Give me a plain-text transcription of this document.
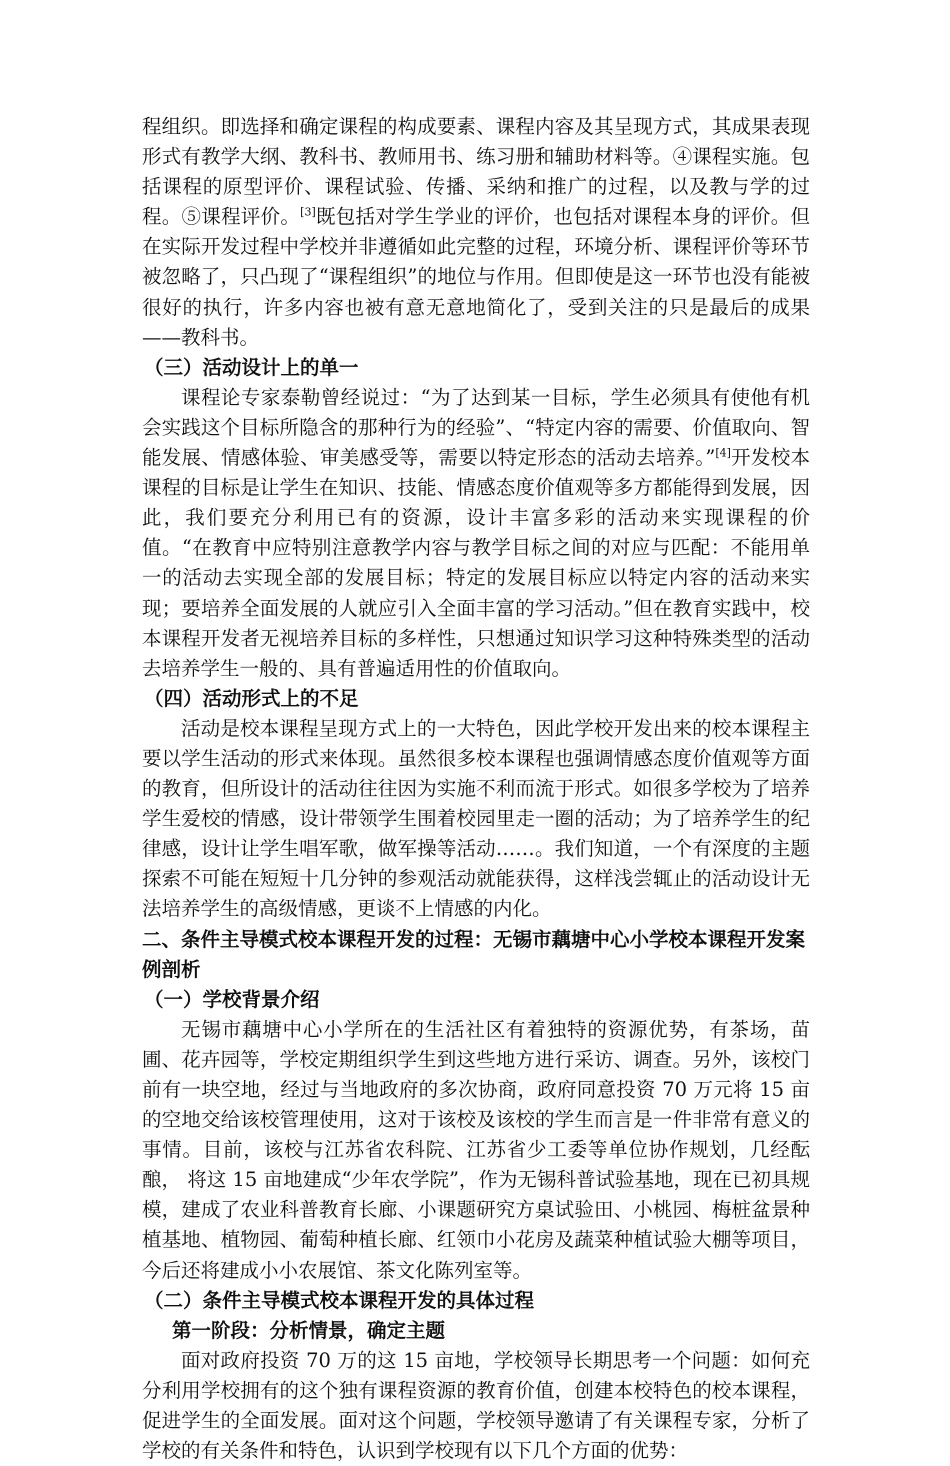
程组织。即选择和确定课程的构成要素、课程内容及其呈现方式，其成果表现形式有教学大纲、教科书、教师用书、练习册和辅助材料等。④课程实施。包括课程的原型评价、课程试验、传播、采纳和推广的过程，以及教与学的过程。⑤课程评价。[3]既包括对学生学业的评价，也包括对课程本身的评价。但在实际开发过程中学校并非遵循如此完整的过程，环境分析、课程评价等环节被忽略了，只凸现了“课程组织”的地位与作用。但即使是这一环节也没有能被很好的执行，许多内容也被有意无意地简化了，受到关注的只是最后的成果——教科书。

（三）活动设计上的单一

课程论专家泰勒曾经说过：“为了达到某一目标，学生必须具有使他有机会实践这个目标所隐含的那种行为的经验”、“特定内容的需要、价值取向、智能发展、情感体验、审美感受等，需要以特定形态的活动去培养。”[4]开发校本课程的目标是让学生在知识、技能、情感态度价值观等多方都能得到发展，因此，我们要充分利用已有的资源，设计丰富多彩的活动来实现课程的价值。“在教育中应特别注意教学内容与教学目标之间的对应与匹配：不能用单一的活动去实现全部的发展目标；特定的发展目标应以特定内容的活动来实现；要培养全面发展的人就应引入全面丰富的学习活动。”但在教育实践中，校本课程开发者无视培养目标的多样性，只想通过知识学习这种特殊类型的活动去培养学生一般的、具有普遍适用性的价值取向。

（四）活动形式上的不足

活动是校本课程呈现方式上的一大特色，因此学校开发出来的校本课程主要以学生活动的形式来体现。虽然很多校本课程也强调情感态度价值观等方面的教育，但所设计的活动往往因为实施不利而流于形式。如很多学校为了培养学生爱校的情感，设计带领学生围着校园里走一圈的活动；为了培养学生的纪律感，设计让学生唱军歌，做军操等活动……。我们知道，一个有深度的主题探索不可能在短短十几分钟的参观活动就能获得，这样浅尝辄止的活动设计无法培养学生的高级情感，更谈不上情感的内化。

二、条件主导模式校本课程开发的过程：无锡市藕塘中心小学校本课程开发案例剖析

（一）学校背景介绍

无锡市藕塘中心小学所在的生活社区有着独特的资源优势，有茶场，苗圃、花卉园等，学校定期组织学生到这些地方进行采访、调查。另外，该校门前有一块空地，经过与当地政府的多次协商，政府同意投资 70 万元将 15 亩的空地交给该校管理使用，这对于该校及该校的学生而言是一件非常有意义的事情。目前，该校与江苏省农科院、江苏省少工委等单位协作规划，几经酝酿， 将这 15 亩地建成“少年农学院”，作为无锡科普试验基地，现在已初具规模，建成了农业科普教育长廊、小课题研究方桌试验田、小桃园、梅桩盆景种植基地、植物园、葡萄种植长廊、红领巾小花房及蔬菜种植试验大棚等项目，今后还将建成小小农展馆、茶文化陈列室等。

（二）条件主导模式校本课程开发的具体过程

第一阶段：分析情景，确定主题

面对政府投资 70 万的这 15 亩地，学校领导长期思考一个问题：如何充分利用学校拥有的这个独有课程资源的教育价值，创建本校特色的校本课程，促进学生的全面发展。面对这个问题，学校领导邀请了有关课程专家，分析了学校的有关条件和特色，认识到学校现有以下几个方面的优势：
